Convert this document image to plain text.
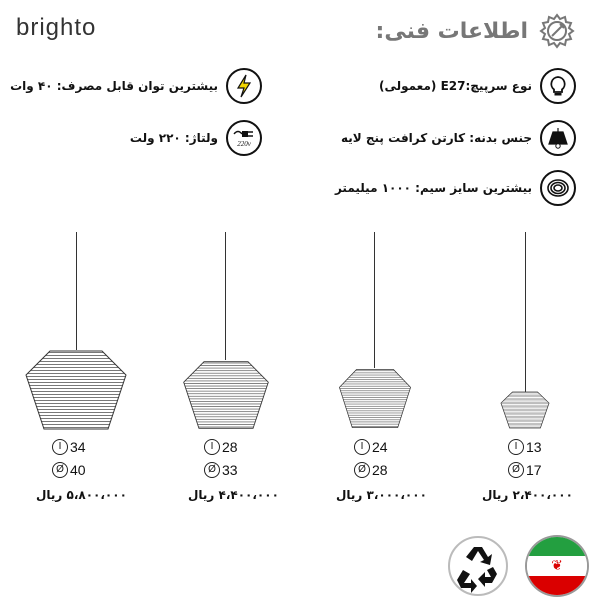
brighto	اطلاعات فنی:
نوع سرپیچ:E27 (معمولی)
جنس بدنه: کارتن کرافت پنج لایه
بیشترین سایز سیم: ۱۰۰۰ میلیمتر
بیشترین توان قابل مصرف: ۴۰ وات
220v
ولتاژ: ۲۲۰ ولت
I 34
Ø 40
۵،۸۰۰،۰۰۰ ریال
I 28
Ø 33
۴،۴۰۰،۰۰۰ ریال
I 24
Ø 28
۳،۰۰۰،۰۰۰ ریال
I 13
Ø 17
۲،۴۰۰،۰۰۰ ریال
❦
